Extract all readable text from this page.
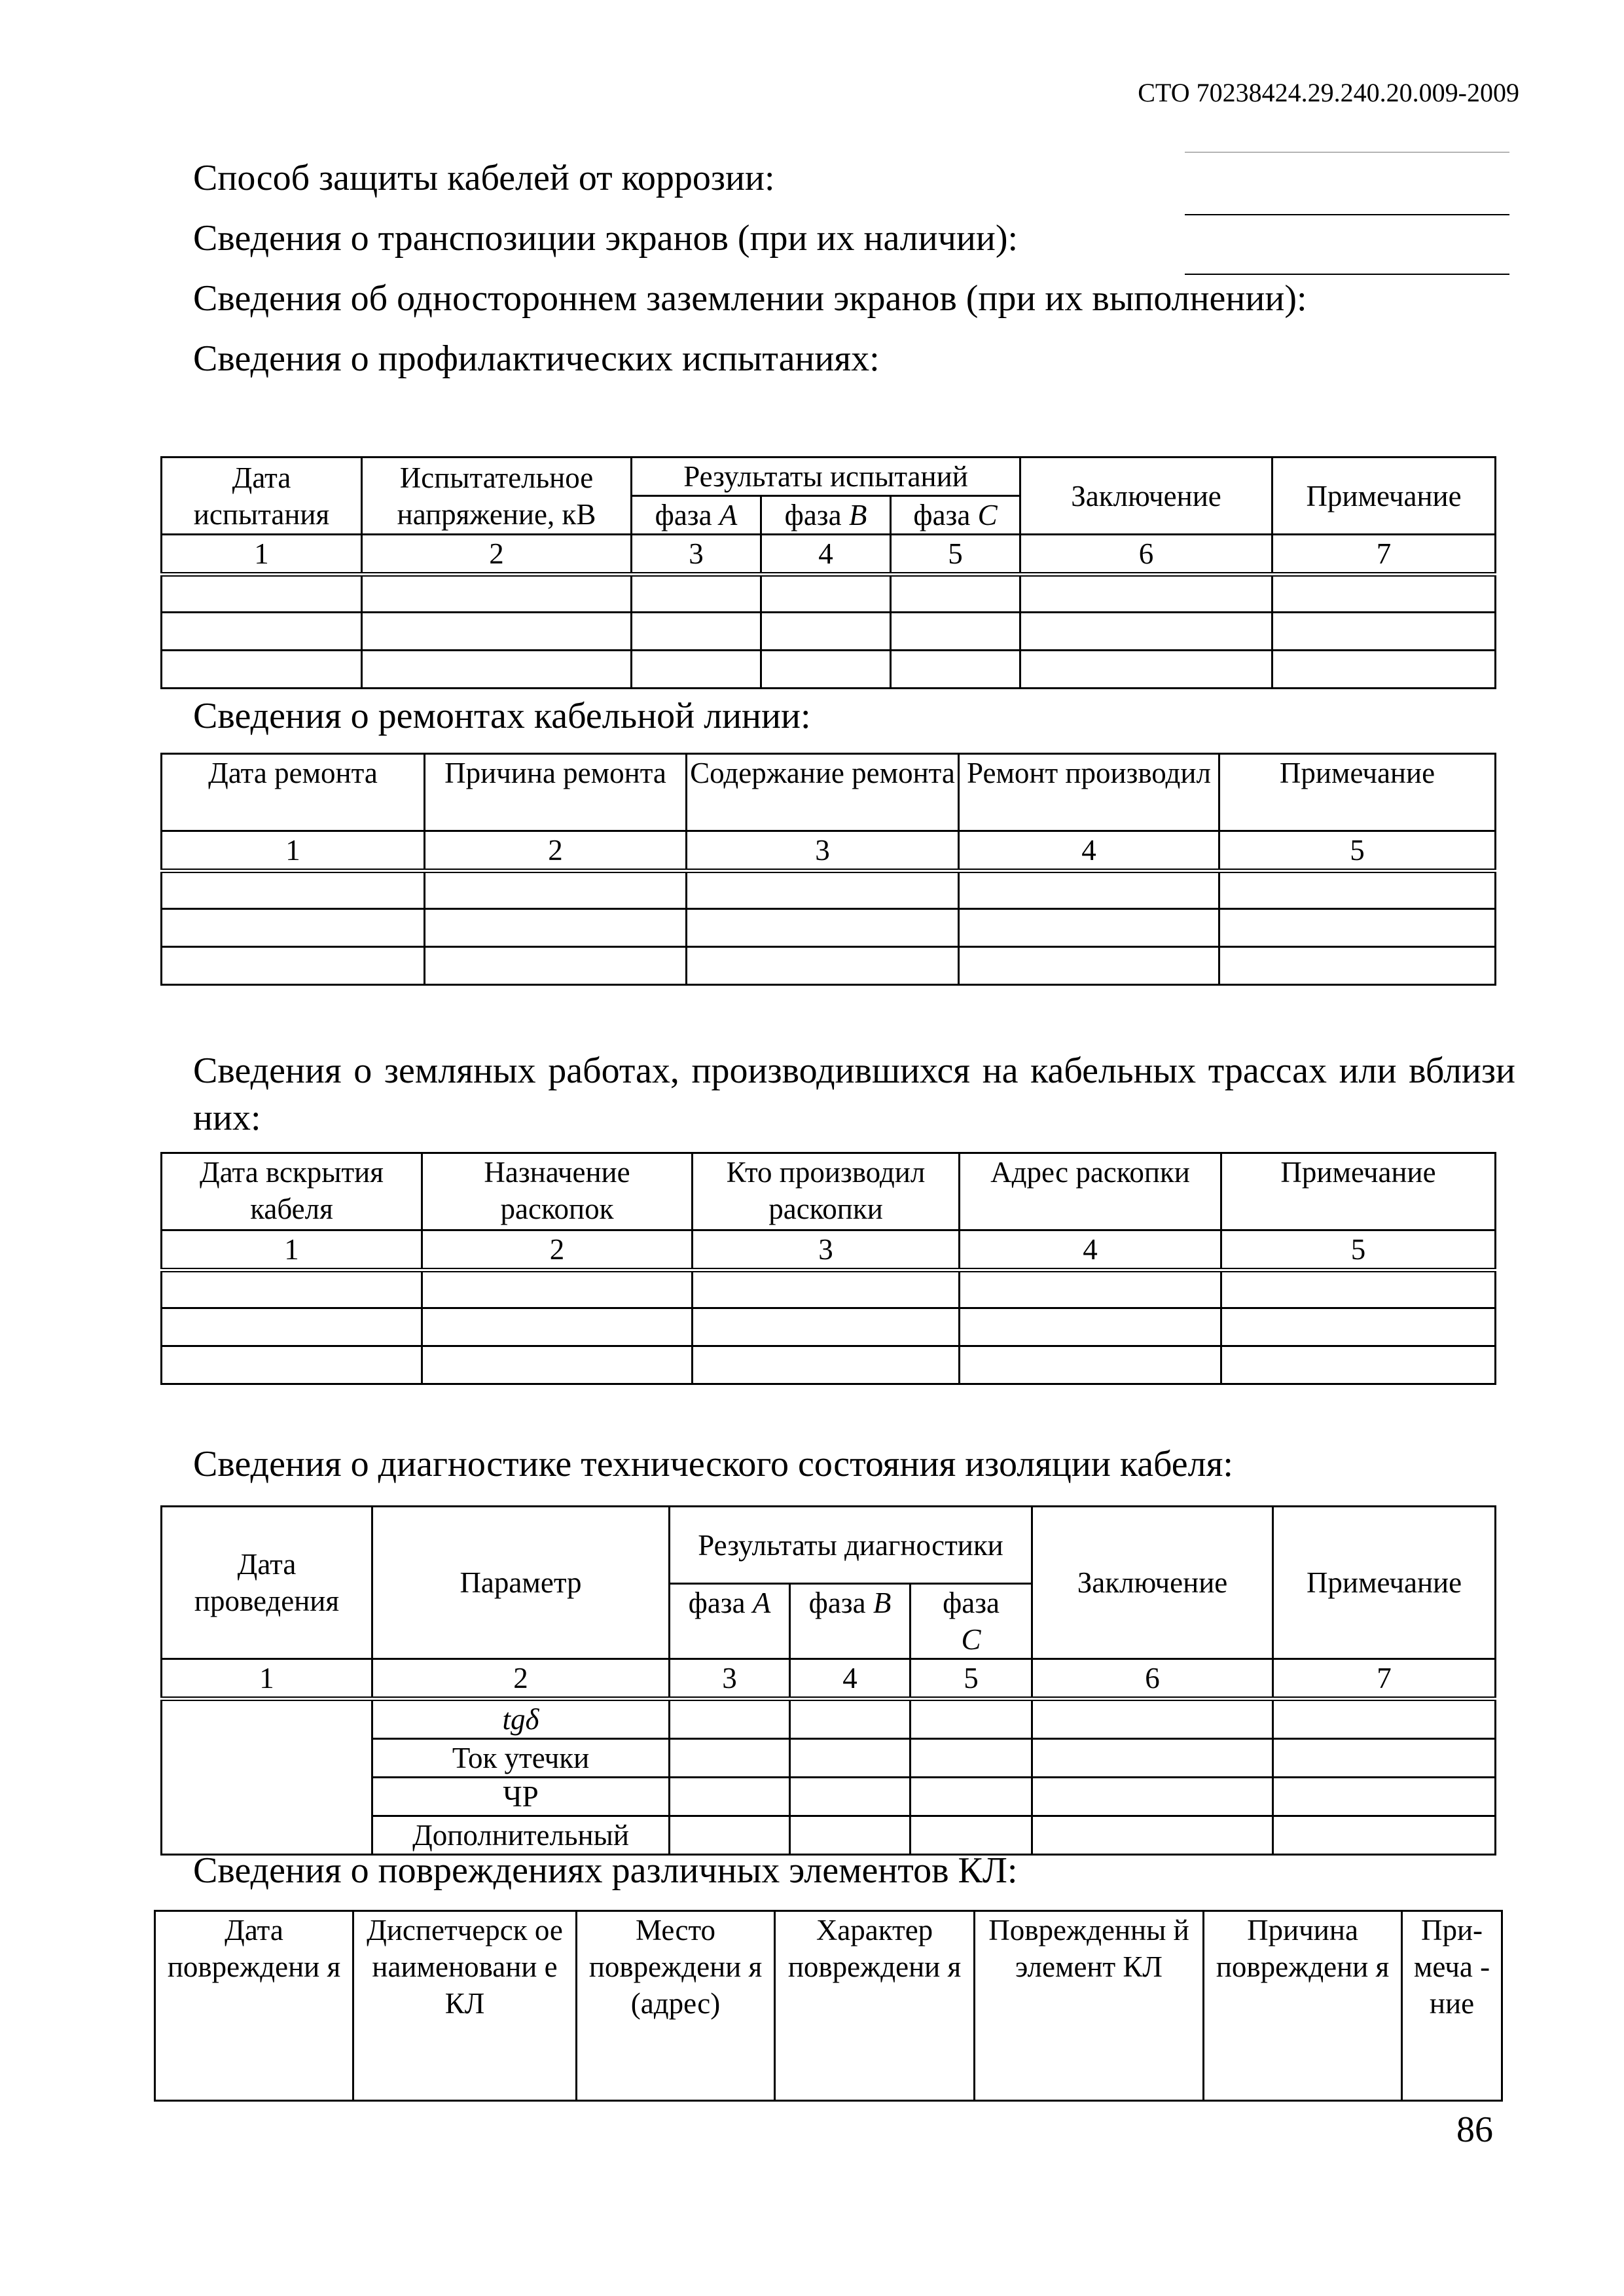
СТО 70238424.29.240.20.009-2009
Способ защиты кабелей от коррозии:
Сведения о транспозиции экранов (при их наличии):
Сведения об одностороннем заземлении экранов (при их выполнении):
Сведения о профилактических испытаниях:
Дата испытания	Испытательное напряжение, кВ	Результаты испытаний			Заключение	Примечание
		фаза A	фаза B	фаза C		
1	2	3	4	5	6	7

Сведения о ремонтах кабельной линии:
Дата ремонта	Причина ремонта	Содержание ремонта	Ремонт производил	Примечание
1	2	3	4	5

Сведения о земляных работах, производившихся на кабельных трассах или вблизи них:
Дата вскрытия кабеля	Назначение раскопок	Кто производил раскопки	Адрес раскопки	Примечание
1	2	3	4	5

Сведения о диагностике технического состояния изоляции кабеля:
Дата проведения	Параметр	Результаты диагностики			Заключение	Примечание
		фаза A	фаза B	фаза
C		
1	2	3	4	5	6	7
	tgδ					
	Ток утечки					
	ЧР					
	Дополнительный					
Сведения о повреждениях различных элементов КЛ:
Дата повреждени я	Диспетчерск ое наименовани е КЛ	Место повреждени я (адрес)	Характер повреждени я	Поврежденны й элемент КЛ	Причина повреждени я	При- меча - ние
86
